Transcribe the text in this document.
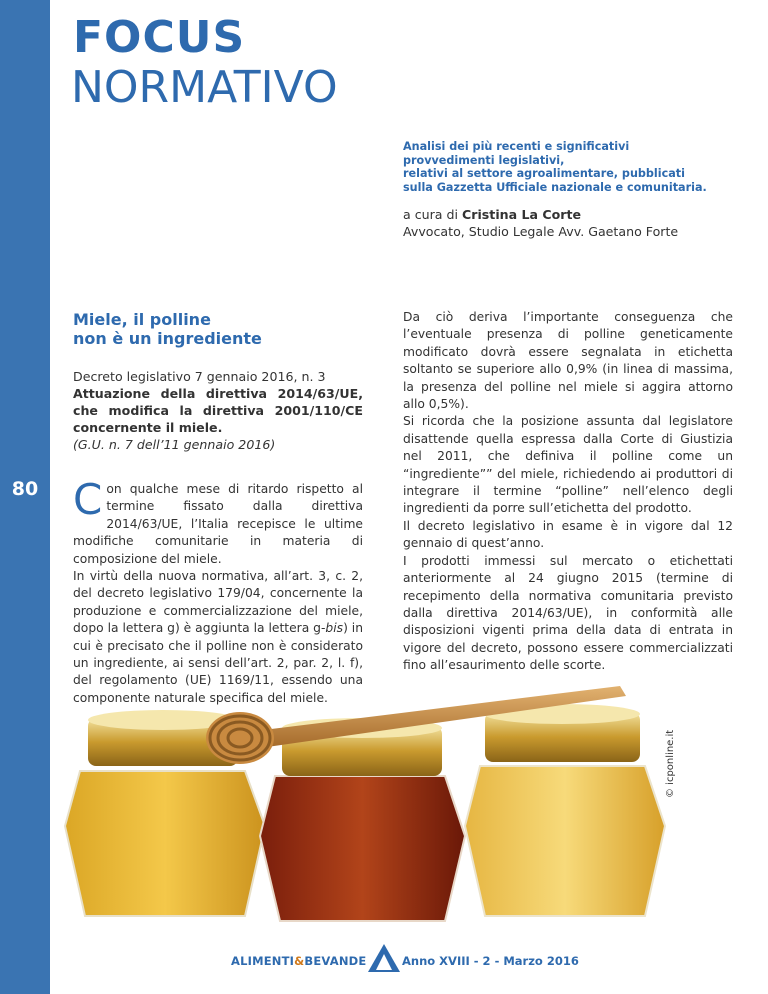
80
FOCUS
NORMATIVO
Analisi dei più recenti e significativi
provvedimenti legislativi,
relativi al settore agroalimentare, pubblicati
sulla Gazzetta Ufficiale nazionale e comunitaria.
a cura di Cristina La Corte
Avvocato, Studio Legale Avv. Gaetano Forte
Miele, il polline
non è un ingrediente
Decreto legislativo 7 gennaio 2016, n. 3
Attuazione della direttiva 2014/63/UE, che modifica la direttiva 2001/110/CE concernente il miele.
(G.U. n. 7 dell’11 gennaio 2016)
Con qualche mese di ritardo rispetto al termine fissato dalla direttiva 2014/63/UE, l’Italia recepisce le ultime modifiche comunitarie in materia di composizione del miele.
In virtù della nuova normativa, all’art. 3, c. 2, del decreto legislativo 179/04, concernente la produzione e commercializzazione del miele, dopo la lettera g) è aggiunta la lettera g-bis) in cui è precisato che il polline non è considerato un ingrediente, ai sensi dell’art. 2, par. 2, l. f), del regolamento (UE) 1169/11, essendo una componente naturale specifica del miele.
Da ciò deriva l’importante conseguenza che l’eventuale presenza di polline geneticamente modificato dovrà essere segnalata in etichetta soltanto se superiore allo 0,9% (in linea di massima, la presenza del polline nel miele si aggira attorno allo 0,5%).
Si ricorda che la posizione assunta dal legislatore disattende quella espressa dalla Corte di Giustizia nel 2011, che definiva il polline come un “ingrediente”” del miele, richiedendo ai produttori di integrare il termine “polline” nell’elenco degli ingredienti da porre sull’etichetta del prodotto.
Il decreto legislativo in esame è in vigore dal 12 gennaio di quest’anno.
I prodotti immessi sul mercato o etichettati anteriormente al 24 giugno 2015 (termine di recepimento della normativa comunitaria previsto dalla direttiva 2014/63/UE), in conformità alle disposizioni vigenti prima della data di entrata in vigore del decreto, possono essere commercializzati fino all’esaurimento delle scorte.
© icponline.it
ALIMENTI&BEVANDE	Anno XVIII - 2 - Marzo 2016
